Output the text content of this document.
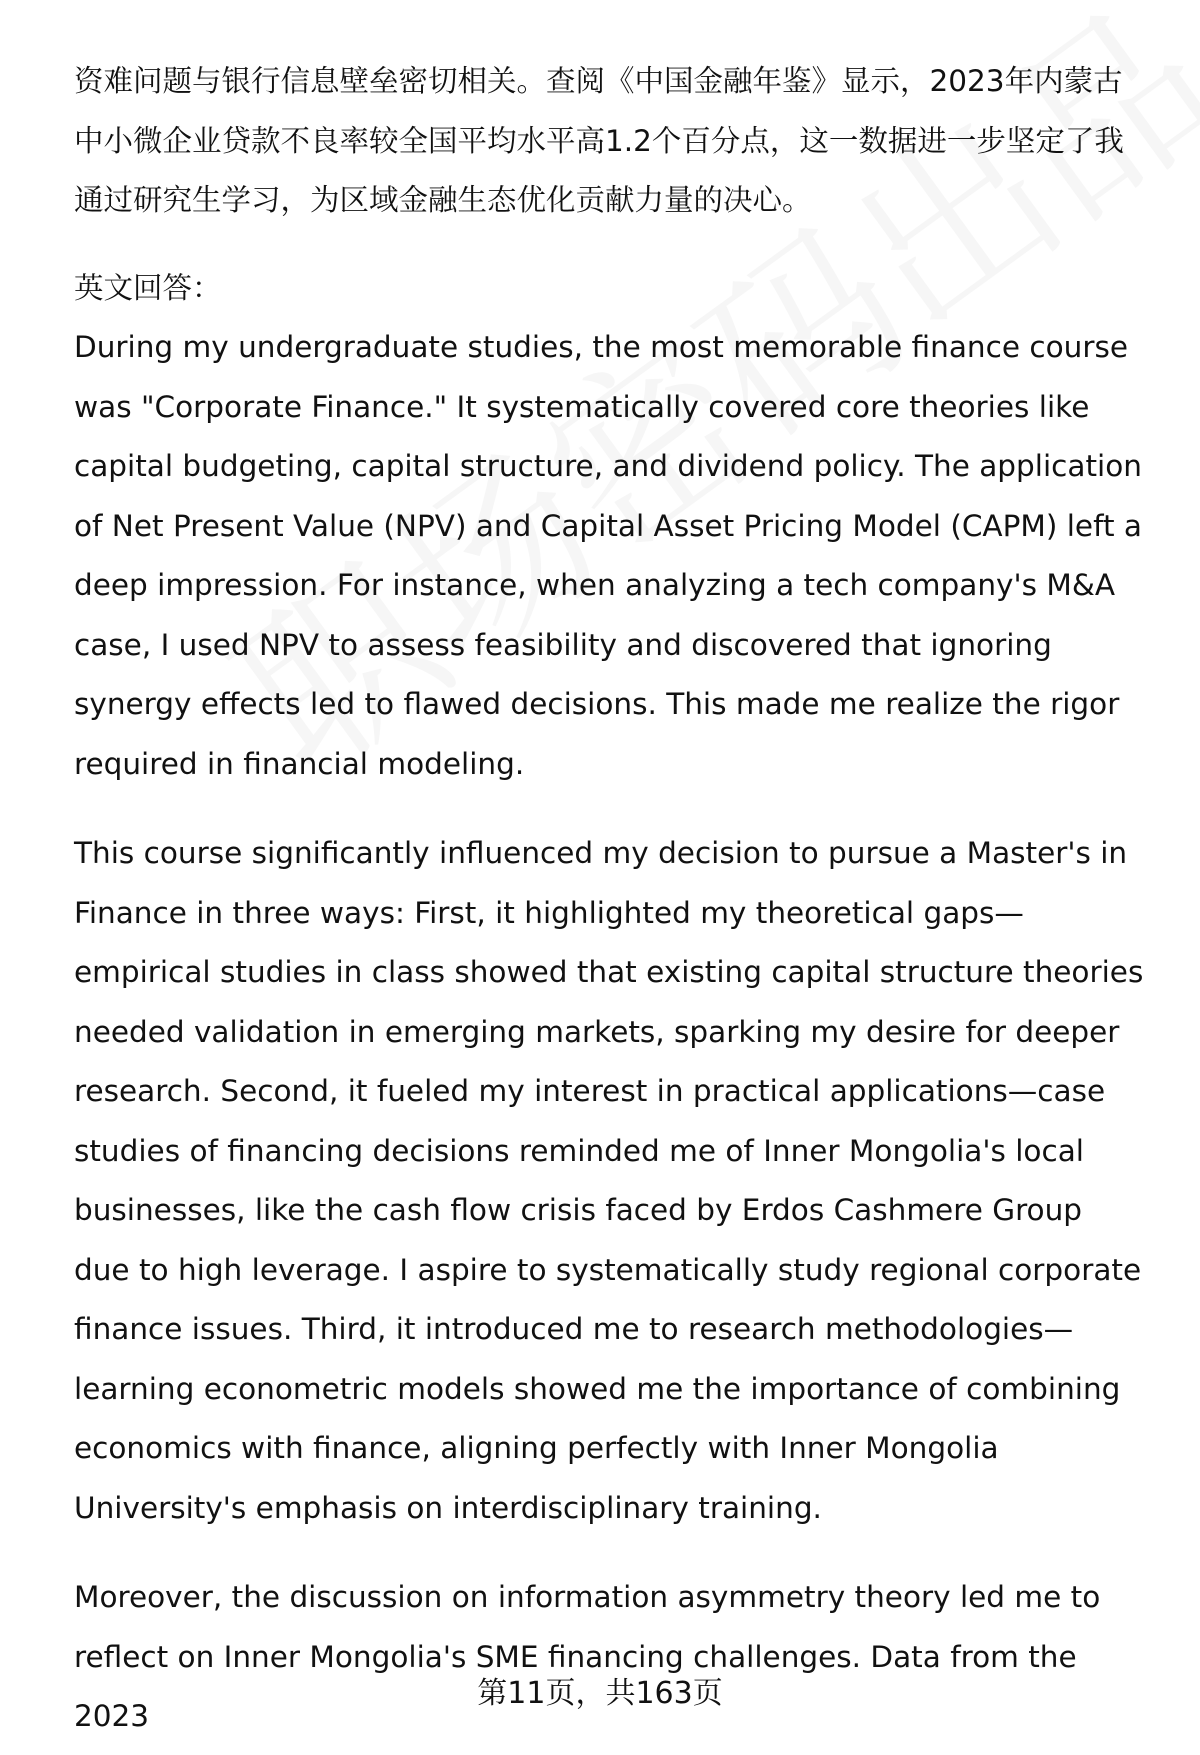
资难问题与银行信息壁垒密切相关。查阅《中国金融年鉴》显示，2023年内蒙古中小微企业贷款不良率较全国平均水平高1.2个百分点，这一数据进一步坚定了我通过研究生学习，为区域金融生态优化贡献力量的决心。

英文回答：

During my undergraduate studies, the most memorable finance course was "Corporate Finance." It systematically covered core theories like capital budgeting, capital structure, and dividend policy. The application of Net Present Value (NPV) and Capital Asset Pricing Model (CAPM) left a deep impression. For instance, when analyzing a tech company's M&A case, I used NPV to assess feasibility and discovered that ignoring synergy effects led to flawed decisions. This made me realize the rigor required in financial modeling.

This course significantly influenced my decision to pursue a Master's in Finance in three ways: First, it highlighted my theoretical gaps—empirical studies in class showed that existing capital structure theories needed validation in emerging markets, sparking my desire for deeper research. Second, it fueled my interest in practical applications—case studies of financing decisions reminded me of Inner Mongolia's local businesses, like the cash flow crisis faced by Erdos Cashmere Group due to high leverage. I aspire to systematically study regional corporate finance issues. Third, it introduced me to research methodologies—learning econometric models showed me the importance of combining economics with finance, aligning perfectly with Inner Mongolia University's emphasis on interdisciplinary training.

Moreover, the discussion on information asymmetry theory led me to reflect on Inner Mongolia's SME financing challenges. Data from the 2023

第11页，共163页
